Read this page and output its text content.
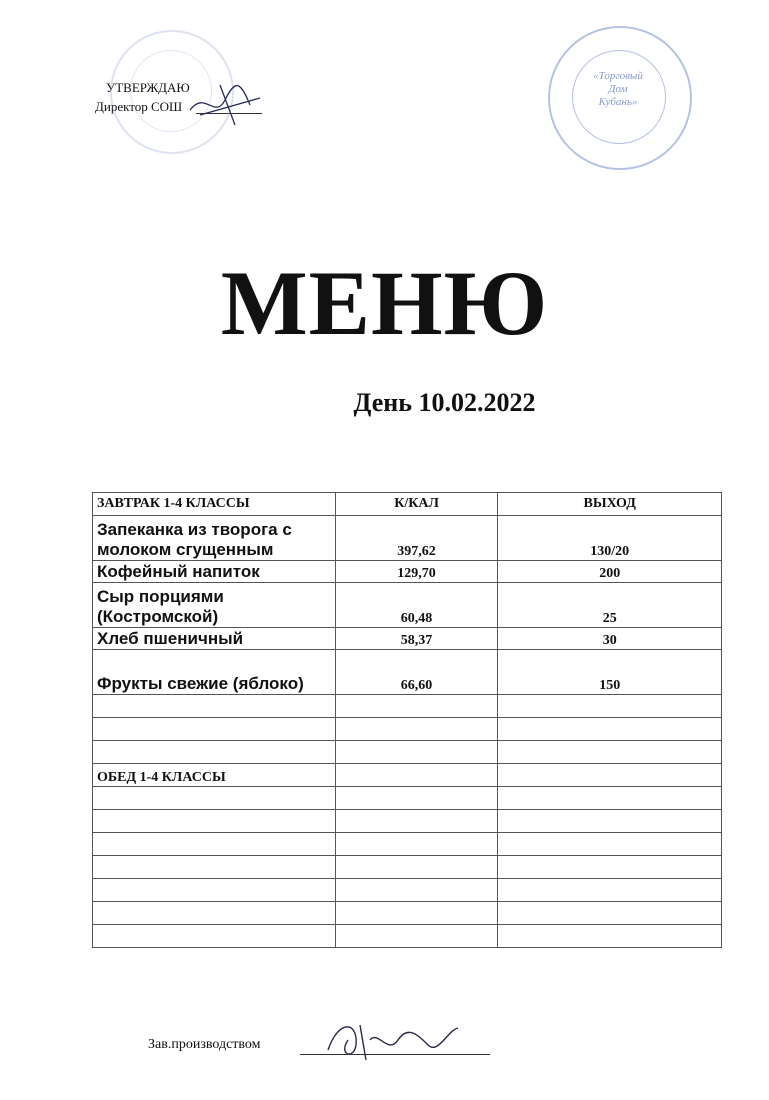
УТВЕРЖДАЮ
Директор СОШ
«Торговый
Дом
Кубань»
МЕНЮ
День 10.02.2022
ЗАВТРАК 1-4 КЛАССЫ	К/КАЛ	ВЫХОД
Запеканка из творога с молоком сгущенным	397,62	130/20
Кофейный напиток	129,70	200
Сыр порциями (Костромской)	60,48	25
Хлеб пшеничный	58,37	30
Фрукты свежие (яблоко)	66,60	150

ОБЕД 1-4 КЛАССЫ		

Зав.производством
